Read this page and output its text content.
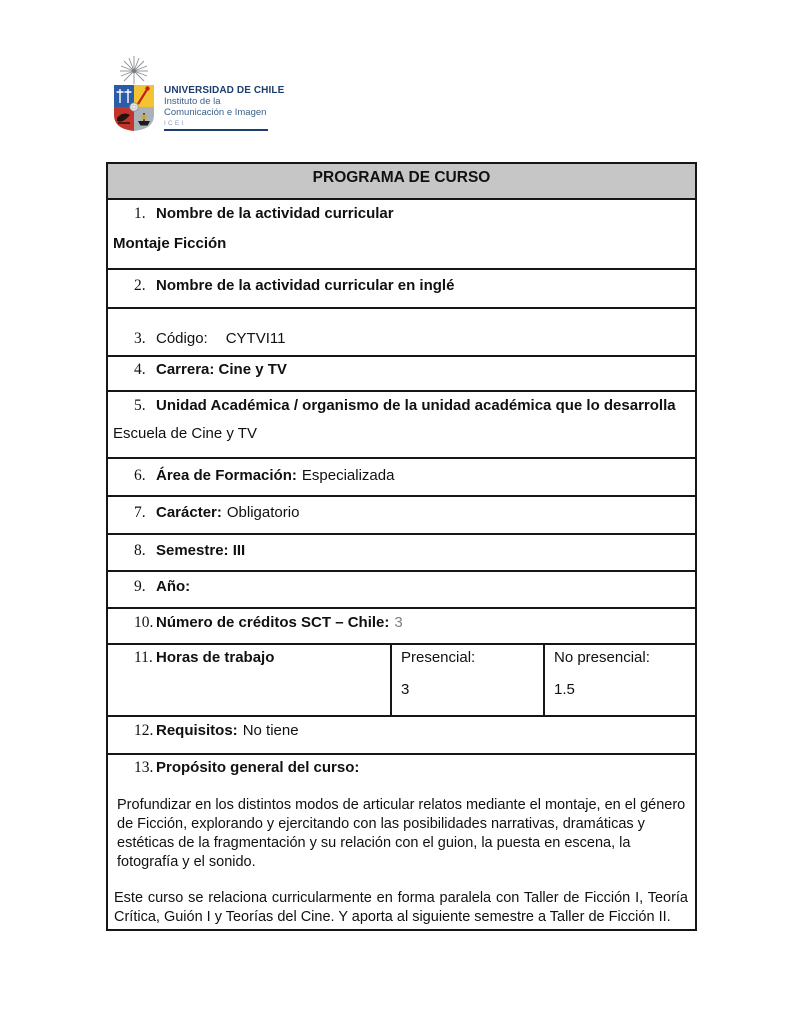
UNIVERSIDAD DE CHILE
Instituto de la
Comunicación e Imagen
ICEI
PROGRAMA DE CURSO
1. Nombre de la actividad curricular
Montaje Ficción
2. Nombre de la actividad curricular en inglé
3. Código: CYTVI11
4. Carrera: Cine y TV
5. Unidad Académica / organismo de la unidad académica que lo desarrolla
Escuela de Cine y TV
6. Área de Formación: Especializada
7. Carácter: Obligatorio
8. Semestre: III
9. Año:
10. Número de créditos SCT – Chile: 3
11. Horas de trabajo	Presencial:
3
No presencial:
1.5
12. Requisitos: No tiene
13. Propósito general del curso:

Profundizar en los distintos modos de articular relatos mediante el montaje, en el género de Ficción, explorando y ejercitando con las posibilidades narrativas, dramáticas y estéticas de la fragmentación y su relación con el guion, la puesta en escena, la fotografía y el sonido.

Este curso se relaciona curricularmente en forma paralela con Taller de Ficción I, Teoría Crítica, Guión I y Teorías del Cine. Y aporta al siguiente semestre a Taller de Ficción II.
